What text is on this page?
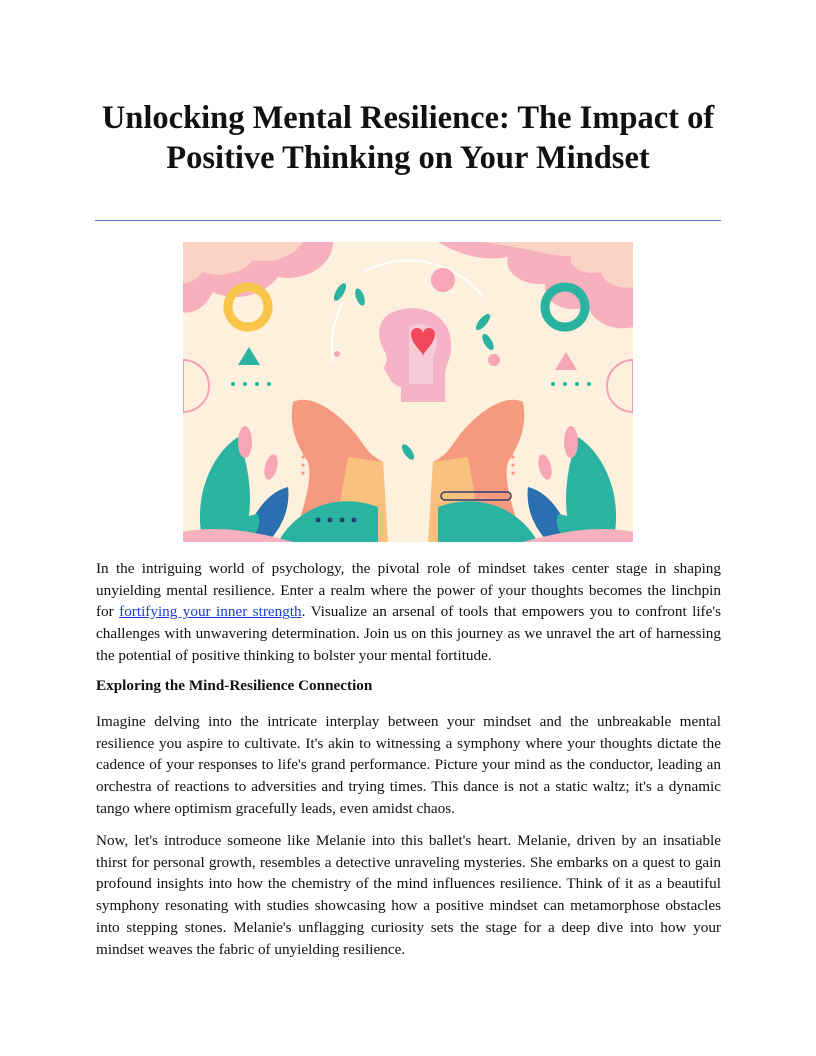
Unlocking Mental Resilience: The Impact of Positive Thinking on Your Mindset

In the intriguing world of psychology, the pivotal role of mindset takes center stage in shaping unyielding mental resilience. Enter a realm where the power of your thoughts becomes the linchpin for fortifying your inner strength. Visualize an arsenal of tools that empowers you to confront life's challenges with unwavering determination. Join us on this journey as we unravel the art of harnessing the potential of positive thinking to bolster your mental fortitude.

Exploring the Mind-Resilience Connection

Imagine delving into the intricate interplay between your mindset and the unbreakable mental resilience you aspire to cultivate. It's akin to witnessing a symphony where your thoughts dictate the cadence of your responses to life's grand performance. Picture your mind as the conductor, leading an orchestra of reactions to adversities and trying times. This dance is not a static waltz; it's a dynamic tango where optimism gracefully leads, even amidst chaos.

Now, let's introduce someone like Melanie into this ballet's heart. Melanie, driven by an insatiable thirst for personal growth, resembles a detective unraveling mysteries. She embarks on a quest to gain profound insights into how the chemistry of the mind influences resilience. Think of it as a beautiful symphony resonating with studies showcasing how a positive mindset can metamorphose obstacles into stepping stones. Melanie's unflagging curiosity sets the stage for a deep dive into how your mindset weaves the fabric of unyielding resilience.
